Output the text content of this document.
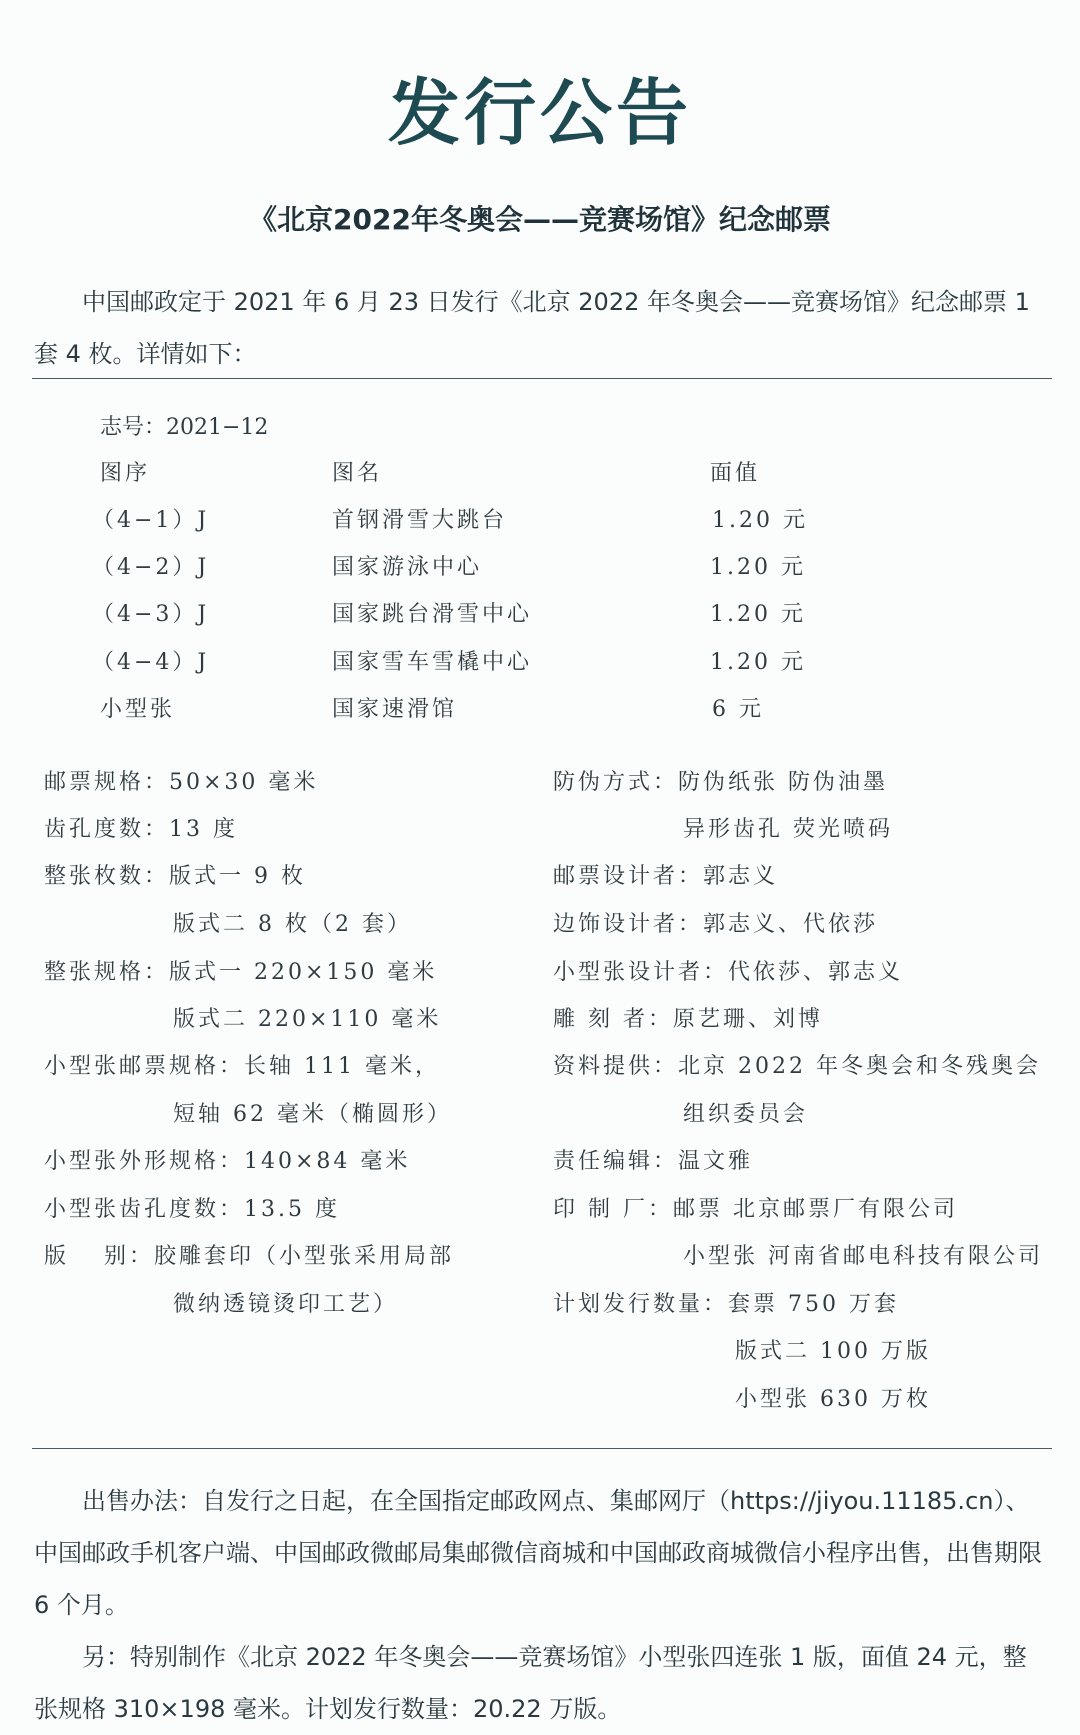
发行公告
《北京2022年冬奥会——竞赛场馆》纪念邮票
中国邮政定于 2021 年 6 月 23 日发行《北京 2022 年冬奥会——竞赛场馆》纪念邮票 1 套 4 枚。详情如下：
志号：2021−12
图序	图名	面值
（4−1）J	首钢滑雪大跳台	1.20 元
（4−2）J	国家游泳中心	1.20 元
（4−3）J	国家跳台滑雪中心	1.20 元
（4−4）J	国家雪车雪橇中心	1.20 元
小型张	国家速滑馆	6 元
邮票规格：50×30 毫米
齿孔度数：13 度
整张枚数：版式一 9 枚
版式二 8 枚（2 套）
整张规格：版式一 220×150 毫米
版式二 220×110 毫米
小型张邮票规格：长轴 111 毫米，
短轴 62 毫米（椭圆形）
小型张外形规格：140×84 毫米
小型张齿孔度数：13.5 度
版　 别：胶雕套印（小型张采用局部
微纳透镜烫印工艺）
防伪方式：防伪纸张 防伪油墨
异形齿孔 荧光喷码
邮票设计者：郭志义
边饰设计者：郭志义、代依莎
小型张设计者：代依莎、郭志义
雕 刻 者：原艺珊、刘博
资料提供：北京 2022 年冬奥会和冬残奥会
组织委员会
责任编辑：温文雅
印 制 厂：邮票 北京邮票厂有限公司
小型张 河南省邮电科技有限公司
计划发行数量：套票 750 万套
版式二 100 万版
小型张 630 万枚
出售办法：自发行之日起，在全国指定邮政网点、集邮网厅（https://jiyou.11185.cn）、中国邮政手机客户端、中国邮政微邮局集邮微信商城和中国邮政商城微信小程序出售，出售期限 6 个月。
另：特别制作《北京 2022 年冬奥会——竞赛场馆》小型张四连张 1 版，面值 24 元，整张规格 310×198 毫米。计划发行数量：20.22 万版。
